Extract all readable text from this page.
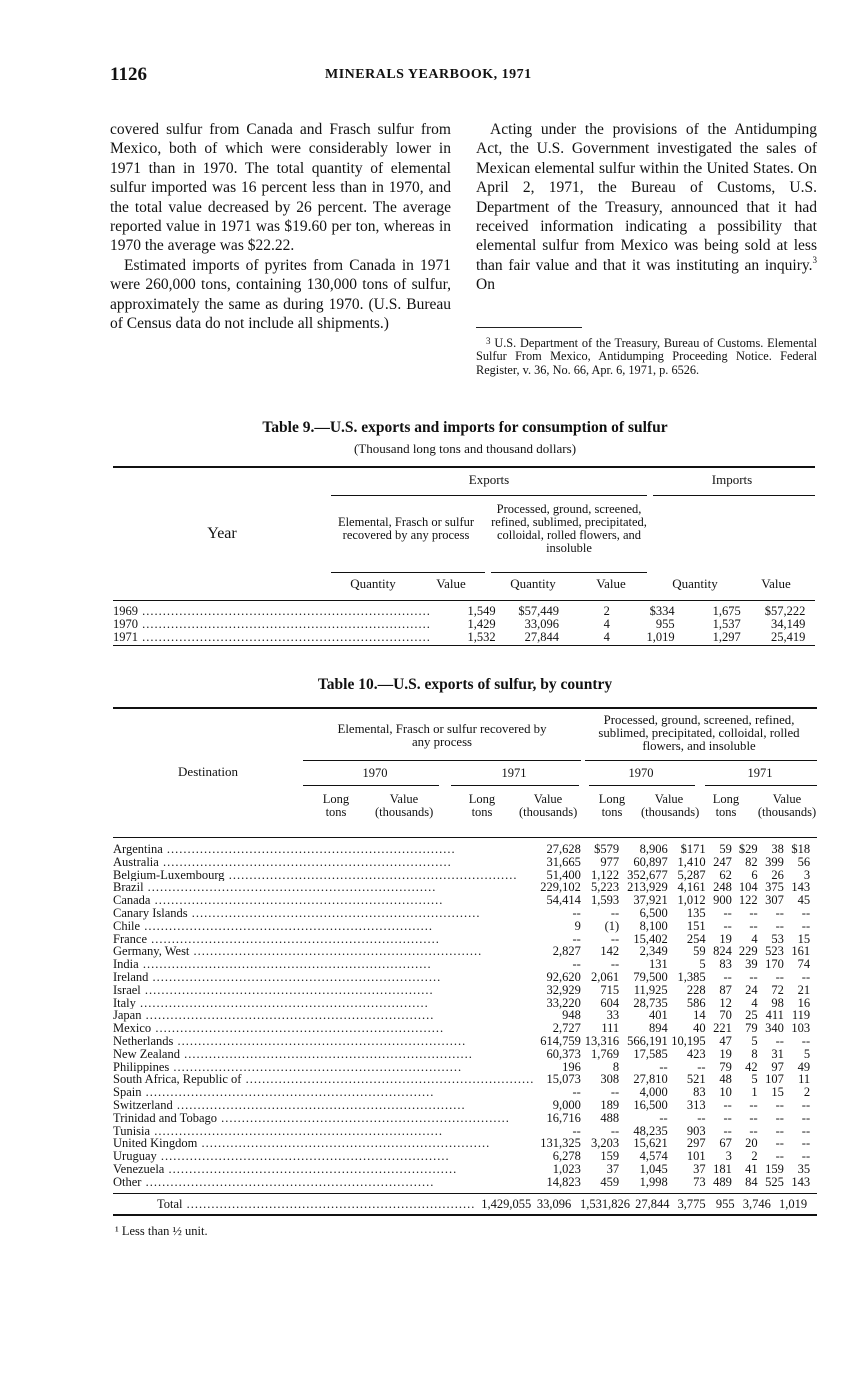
1126	MINERALS YEARBOOK, 1971

covered sulfur from Canada and Frasch sulfur from Mexico, both of which were considerably lower in 1971 than in 1970. The total quantity of elemental sulfur imported was 16 percent less than in 1970, and the total value decreased by 26 percent. The average reported value in 1971 was $19.60 per ton, whereas in 1970 the average was $22.22.

Estimated imports of pyrites from Canada in 1971 were 260,000 tons, containing 130,000 tons of sulfur, approximately the same as during 1970. (U.S. Bureau of Census data do not include all shipments.)

Acting under the provisions of the Antidumping Act, the U.S. Government investigated the sales of Mexican elemental sulfur within the United States. On April 2, 1971, the Bureau of Customs, U.S. Department of the Treasury, announced that it had received information indicating a possibility that elemental sulfur from Mexico was being sold at less than fair value and that it was instituting an inquiry.$^3$ On

$^3$ U.S. Department of the Treasury, Bureau of Customs. Elemental Sulfur From Mexico, Antidumping Proceeding Notice. Federal Register, v. 36, No. 66, Apr. 6, 1971, p. 6526.
Table 9.—U.S. exports and imports for consumption of sulfur
(Thousand long tons and thousand dollars)
Year
Exports	Imports
Elemental, Frasch or sulfur recovered by any process
Processed, ground, screened, refined, sublimed, precipitated, colloidal, rolled flowers, and insoluble
Quantity	Value	Quantity	Value	Quantity	Value
1969 .....	1,549	$57,449	2	$334	1,675	$57,222	
1970 .....	1,429	33,096	4	955	1,537	34,149	
1971 .....	1,532	27,844	4	1,019	1,297	25,419	
Table 10.—U.S. exports of sulfur, by country
Destination
Elemental, Frasch or sulfur recovered by any process
Processed, ground, screened, refined, sublimed, precipitated, colloidal, rolled flowers, and insoluble
1970	1971	1970	1971
Long tons
Value (thousands)
Long tons
Value (thousands)
Long tons
Value (thousands)
Long tons
Value (thousands)
Argentina .....	27,628	$579	8,906	$171	59	$29	38	$18	
Australia .....	31,665	977	60,897	1,410	247	82	399	56	
Belgium-Luxembourg .....	51,400	1,122	352,677	5,287	62	6	26	3	
Brazil .....	229,102	5,223	213,929	4,161	248	104	375	143	
Canada .....	54,414	1,593	37,921	1,012	900	122	307	45	
Canary Islands .....	--	--	6,500	135	--	--	--	--	
Chile .....	9	(1)	8,100	151	--	--	--	--	
France .....	--	--	15,402	254	19	4	53	15	
Germany, West .....	2,827	142	2,349	59	824	229	523	161	
India .....	--	--	131	5	83	39	170	74	
Ireland .....	92,620	2,061	79,500	1,385	--	--	--	--	
Israel .....	32,929	715	11,925	228	87	24	72	21	
Italy .....	33,220	604	28,735	586	12	4	98	16	
Japan .....	948	33	401	14	70	25	411	119	
Mexico .....	2,727	111	894	40	221	79	340	103	
Netherlands .....	614,759	13,316	566,191	10,195	47	5	--	--	
New Zealand .....	60,373	1,769	17,585	423	19	8	31	5	
Philippines .....	196	8	--	--	79	42	97	49	
South Africa, Republic of .....	15,073	308	27,810	521	48	5	107	11	
Spain .....	--	--	4,000	83	10	1	15	2	
Switzerland .....	9,000	189	16,500	313	--	--	--	--	
Trinidad and Tobago .....	16,716	488	--	--	--	--	--	--	
Tunisia .....	--	--	48,235	903	--	--	--	--	
United Kingdom .....	131,325	3,203	15,621	297	67	20	--	--	
Uruguay .....	6,278	159	4,574	101	3	2	--	--	
Venezuela .....	1,023	37	1,045	37	181	41	159	35	
Other .....	14,823	459	1,998	73	489	84	525	143	
Total .....	1,429,055	33,096	1,531,826	27,844	3,775	955	3,746	1,019	
¹ Less than ½ unit.
